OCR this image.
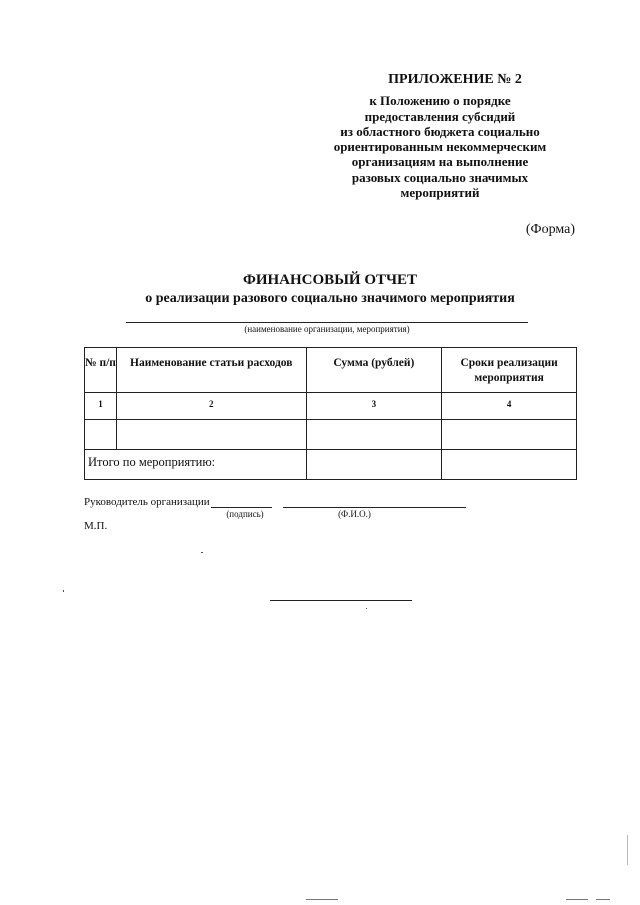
ПРИЛОЖЕНИЕ № 2
к Положению о порядке
предоставления субсидий
из областного бюджета социально
ориентированным некоммерческим
организациям на выполнение
разовых социально значимых
мероприятий
(Форма)
ФИНАНСОВЫЙ ОТЧЕТ
о реализации разового социально значимого мероприятия
(наименование организации, мероприятия)
№ п/п	Наименование статьи расходов	Сумма (рублей)	Сроки реализации мероприятия
1	2	3	4

Итого по мероприятию:			
Руководитель организации
(подпись)	(Ф.И.О.)
М.П.
